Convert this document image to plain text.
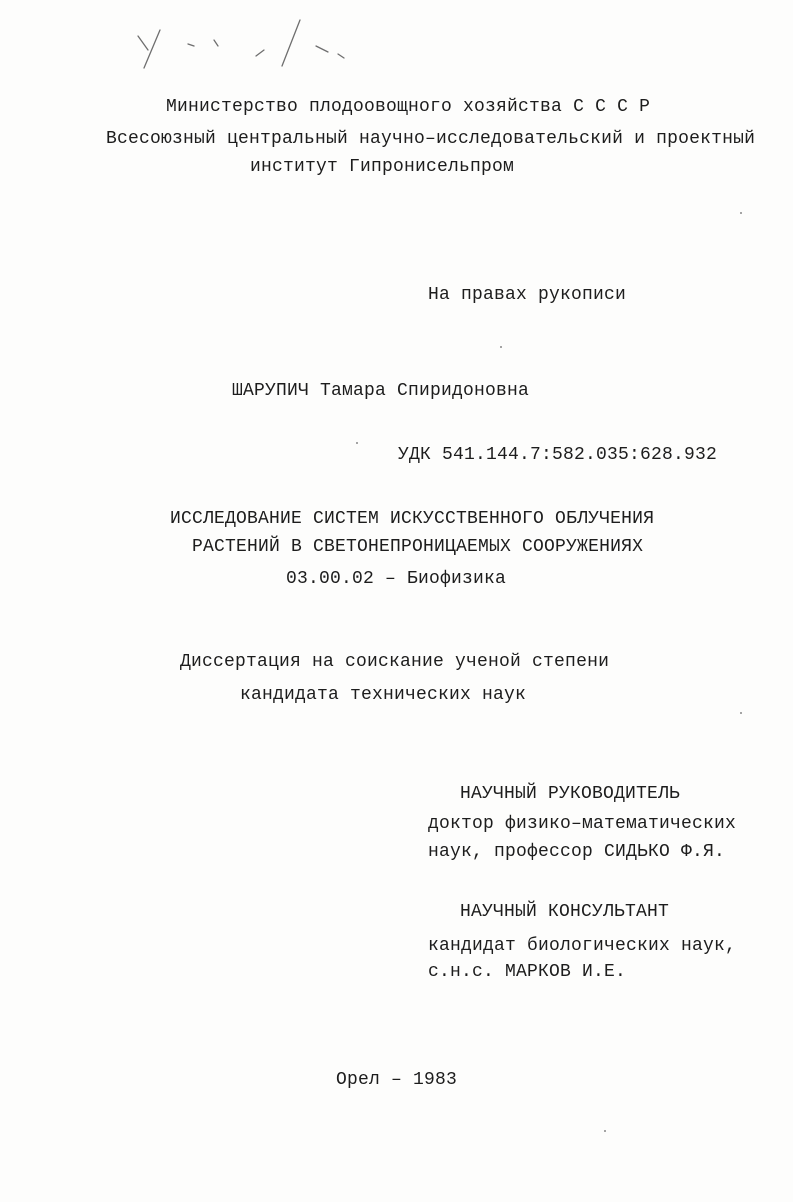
Министерство плодоовощного хозяйства С С С Р
Всесоюзный центральный научно–исследовательский и проектный
институт Гипронисельпром
На правах рукописи
ШАРУПИЧ Тамара Спиридоновна
УДК 541.144.7:582.035:628.932
ИССЛЕДОВАНИЕ СИСТЕМ ИСКУССТВЕННОГО ОБЛУЧЕНИЯ
РАСТЕНИЙ В СВЕТОНЕПРОНИЦАЕМЫХ СООРУЖЕНИЯХ
03.00.02 – Биофизика
Диссертация на соискание ученой степени
кандидата технических наук
НАУЧНЫЙ РУКОВОДИТЕЛЬ
доктор физико–математических
наук, профессор СИДЬКО Ф.Я.
НАУЧНЫЙ КОНСУЛЬТАНТ
кандидат биологических наук,
с.н.с. МАРКОВ И.Е.
Орел – 1983
